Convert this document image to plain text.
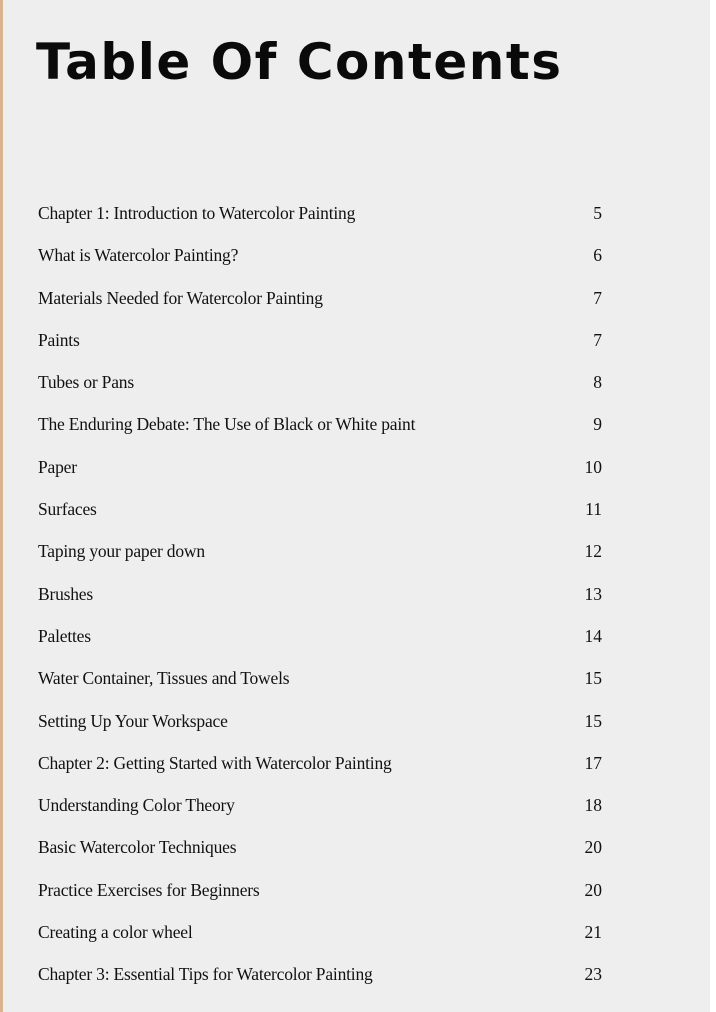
Table Of Contents
Chapter 1: Introduction to Watercolor Painting	5
What is Watercolor Painting?	6
Materials Needed for Watercolor Painting	7
Paints	7
Tubes or Pans	8
The Enduring Debate: The Use of Black or White paint	9
Paper	10
Surfaces	11
Taping your paper down	12
Brushes	13
Palettes	14
Water Container, Tissues and Towels	15
Setting Up Your Workspace	15
Chapter 2: Getting Started with Watercolor Painting	17
Understanding Color Theory	18
Basic Watercolor Techniques	20
Practice Exercises for Beginners	20
Creating a color wheel	21
Chapter 3: Essential Tips for Watercolor Painting	23
